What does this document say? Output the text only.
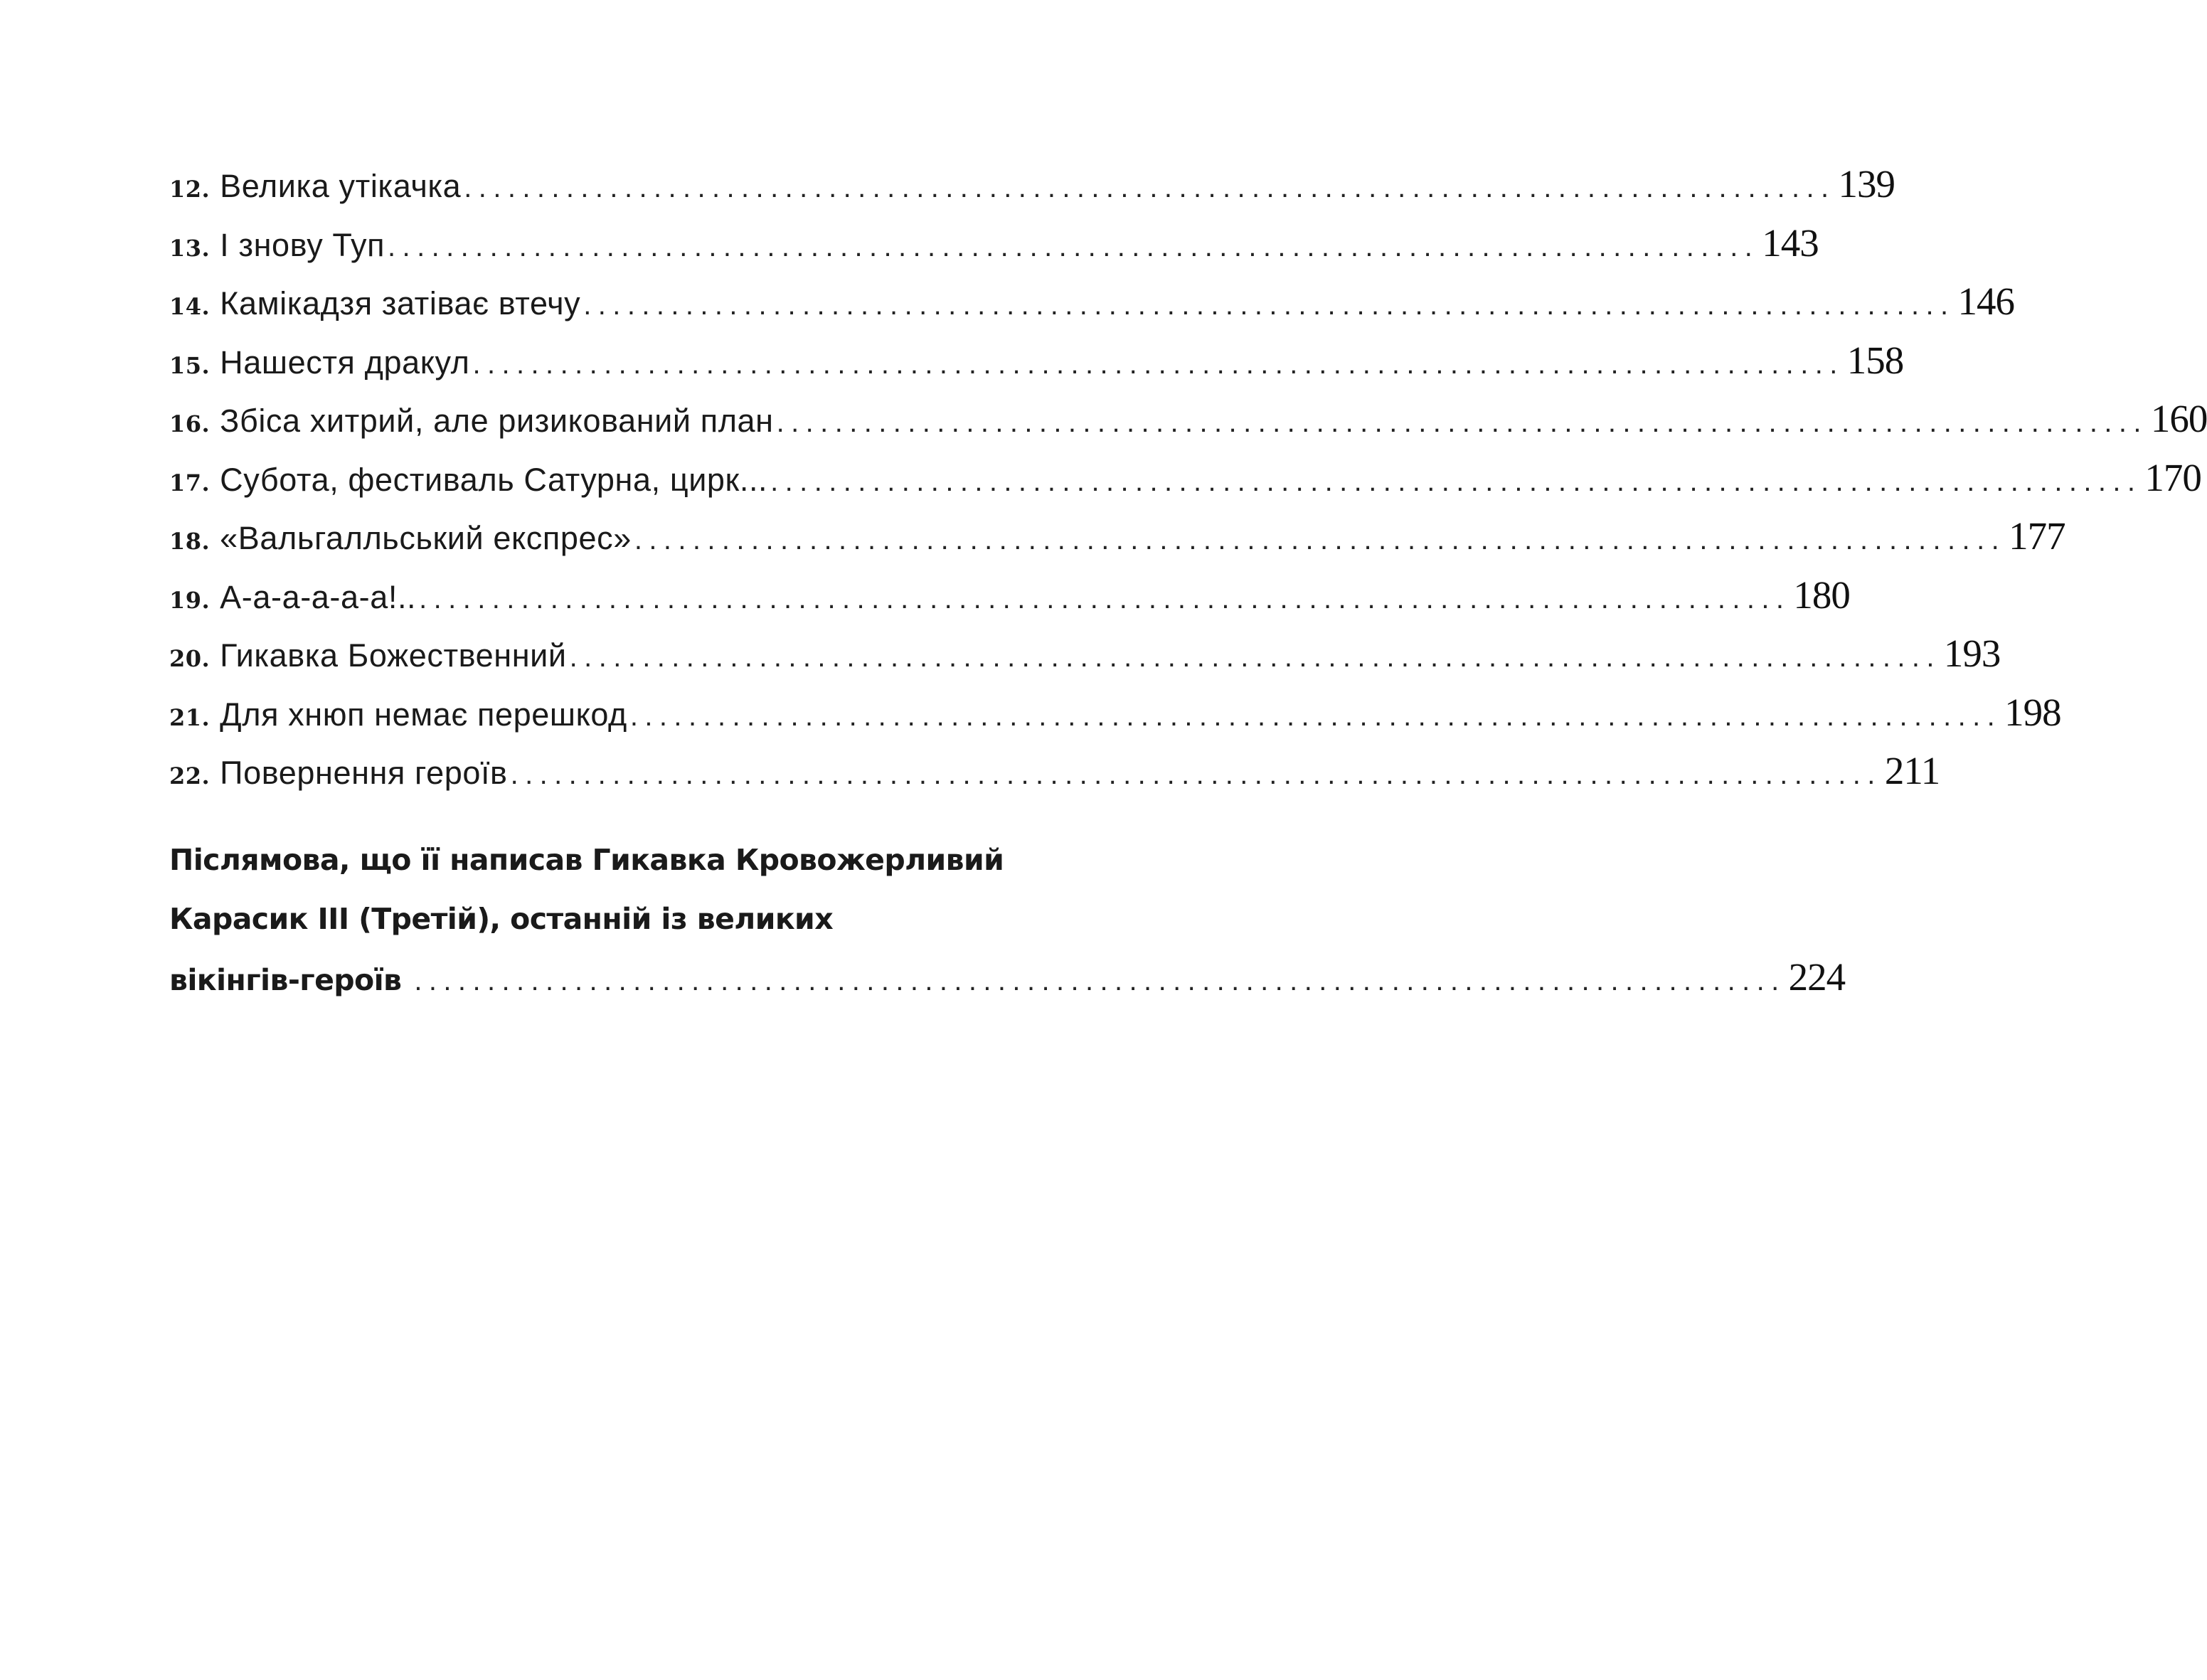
12. Велика утікачка .............................................................................................. 139
13. І знову Туп .............................................................................................. 143
14. Камікадзя затіває втечу .............................................................................................. 146
15. Нашестя дракул .............................................................................................. 158
16. Збіса хитрий, але ризикований план .............................................................................................. 160
17. Субота, фестиваль Сатурна, цирк... .............................................................................................. 170
18. «Вальгалльський експрес» .............................................................................................. 177
19. А-а-а-а-а-а!.. .............................................................................................. 180
20. Гикавка Божественний .............................................................................................. 193
21. Для хнюп немає перешкод .............................................................................................. 198
22. Повернення героїв .............................................................................................. 211
Післямова, що її написав Гикавка Кровожерливий
Карасик ІІІ (Третій), останній із великих
вікінгів-героїв .............................................................................................. 224
